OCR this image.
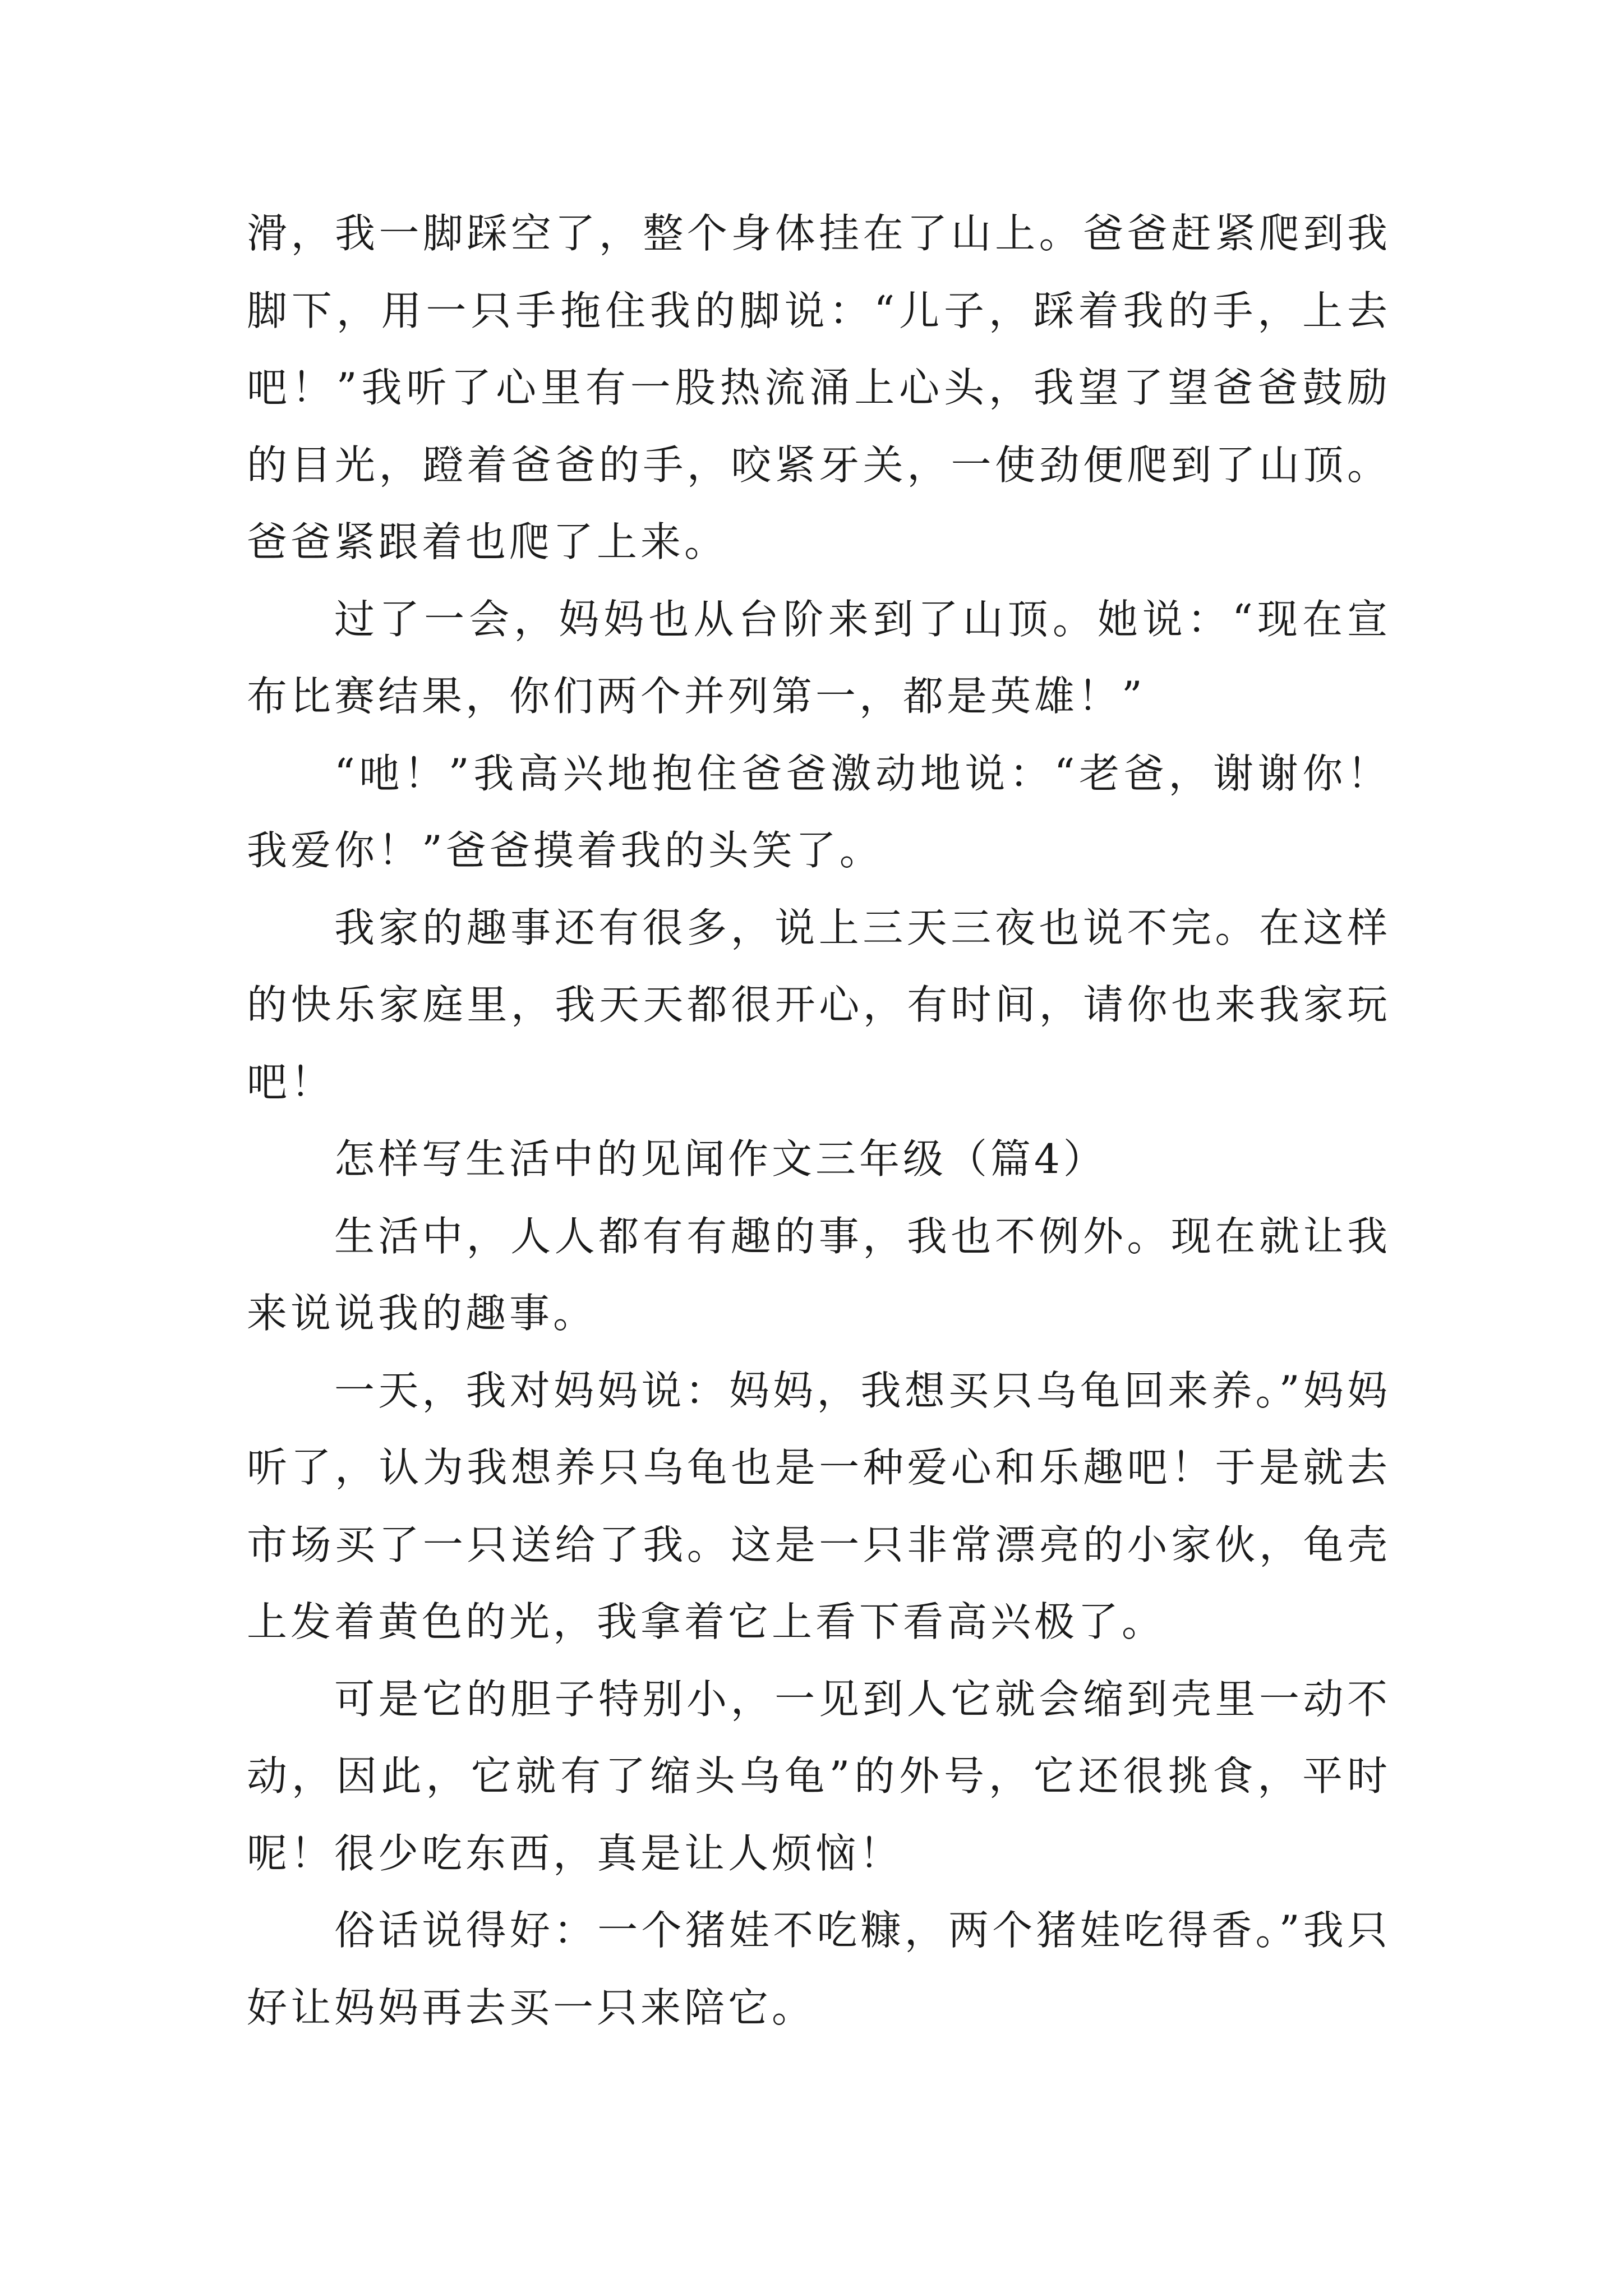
滑，我一脚踩空了，整个身体挂在了山上。爸爸赶紧爬到我脚下，用一只手拖住我的脚说：“儿子，踩着我的手，上去吧！”我听了心里有一股热流涌上心头，我望了望爸爸鼓励的目光，蹬着爸爸的手，咬紧牙关，一使劲便爬到了山顶。爸爸紧跟着也爬了上来。

过了一会，妈妈也从台阶来到了山顶。她说：“现在宣布比赛结果，你们两个并列第一，都是英雄！”

“吔！”我高兴地抱住爸爸激动地说：“老爸，谢谢你！我爱你！”爸爸摸着我的头笑了。

我家的趣事还有很多，说上三天三夜也说不完。在这样的快乐家庭里，我天天都很开心，有时间，请你也来我家玩吧！

怎样写生活中的见闻作文三年级（篇4）

生活中，人人都有有趣的事，我也不例外。现在就让我来说说我的趣事。

一天，我对妈妈说：妈妈，我想买只乌龟回来养。”妈妈听了，认为我想养只乌龟也是一种爱心和乐趣吧！于是就去市场买了一只送给了我。这是一只非常漂亮的小家伙，龟壳上发着黄色的光，我拿着它上看下看高兴极了。

可是它的胆子特别小，一见到人它就会缩到壳里一动不动，因此，它就有了缩头乌龟”的外号，它还很挑食，平时呢！很少吃东西，真是让人烦恼！

俗话说得好：一个猪娃不吃糠，两个猪娃吃得香。”我只好让妈妈再去买一只来陪它。
